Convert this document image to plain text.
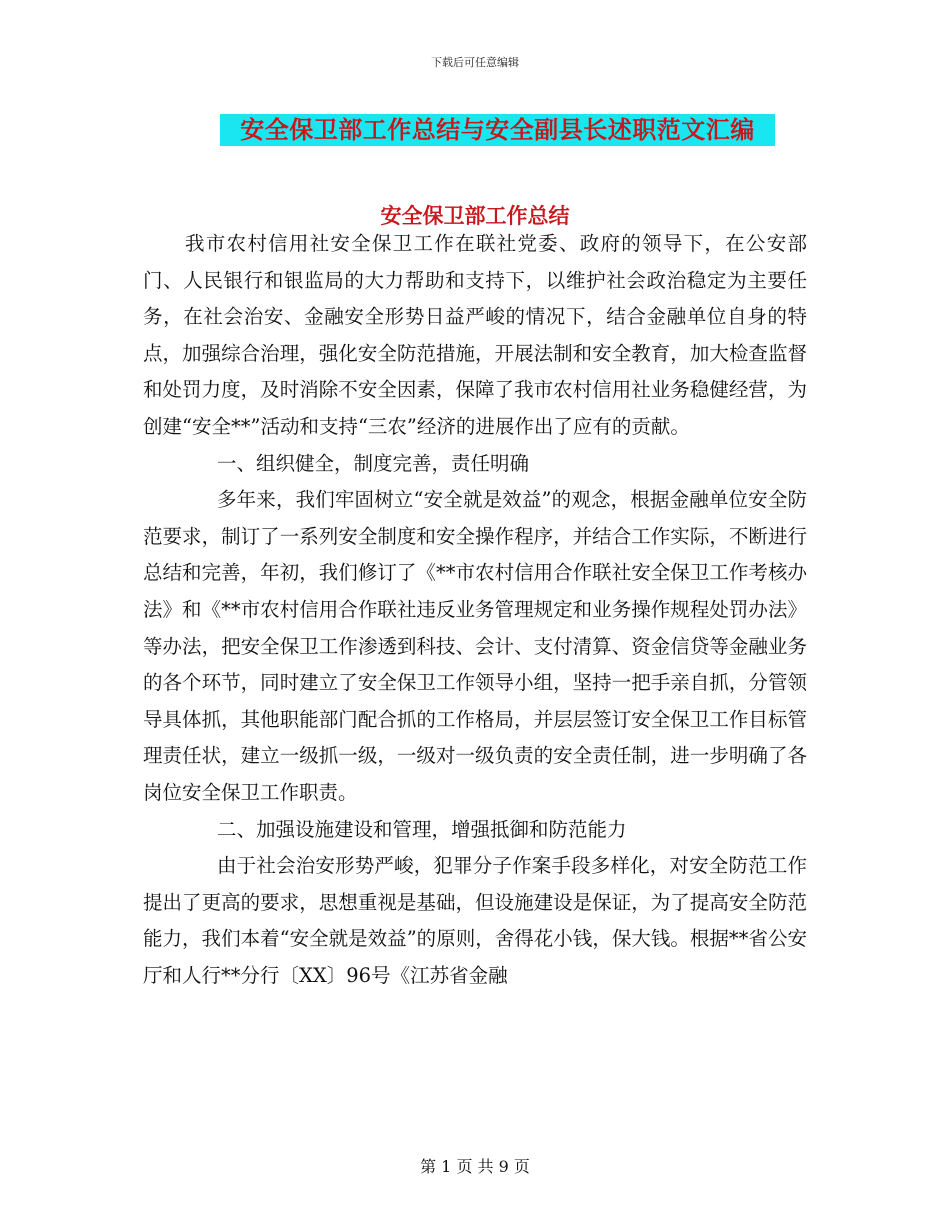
下载后可任意编辑
安全保卫部工作总结与安全副县长述职范文汇编
安全保卫部工作总结

我市农村信用社安全保卫工作在联社党委、政府的领导下，在公安部门、人民银行和银监局的大力帮助和支持下，以维护社会政治稳定为主要任务，在社会治安、金融安全形势日益严峻的情况下，结合金融单位自身的特点，加强综合治理，强化安全防范措施，开展法制和安全教育，加大检查监督和处罚力度，及时消除不安全因素，保障了我市农村信用社业务稳健经营，为创建“安全**”活动和支持“三农”经济的进展作出了应有的贡献。

一、组织健全，制度完善，责任明确

多年来，我们牢固树立“安全就是效益”的观念，根据金融单位安全防范要求，制订了一系列安全制度和安全操作程序，并结合工作实际，不断进行总结和完善，年初，我们修订了《**市农村信用合作联社安全保卫工作考核办法》和《**市农村信用合作联社违反业务管理规定和业务操作规程处罚办法》等办法，把安全保卫工作渗透到科技、会计、支付清算、资金信贷等金融业务的各个环节，同时建立了安全保卫工作领导小组，坚持一把手亲自抓，分管领导具体抓，其他职能部门配合抓的工作格局，并层层签订安全保卫工作目标管理责任状，建立一级抓一级，一级对一级负责的安全责任制，进一步明确了各岗位安全保卫工作职责。

二、加强设施建设和管理，增强抵御和防范能力

由于社会治安形势严峻，犯罪分子作案手段多样化，对安全防范工作提出了更高的要求，思想重视是基础，但设施建设是保证，为了提高安全防范能力，我们本着“安全就是效益”的原则，舍得花小钱，保大钱。根据**省公安厅和人行**分行〔XX〕96号《江苏省金融

第 1 页 共 9 页
